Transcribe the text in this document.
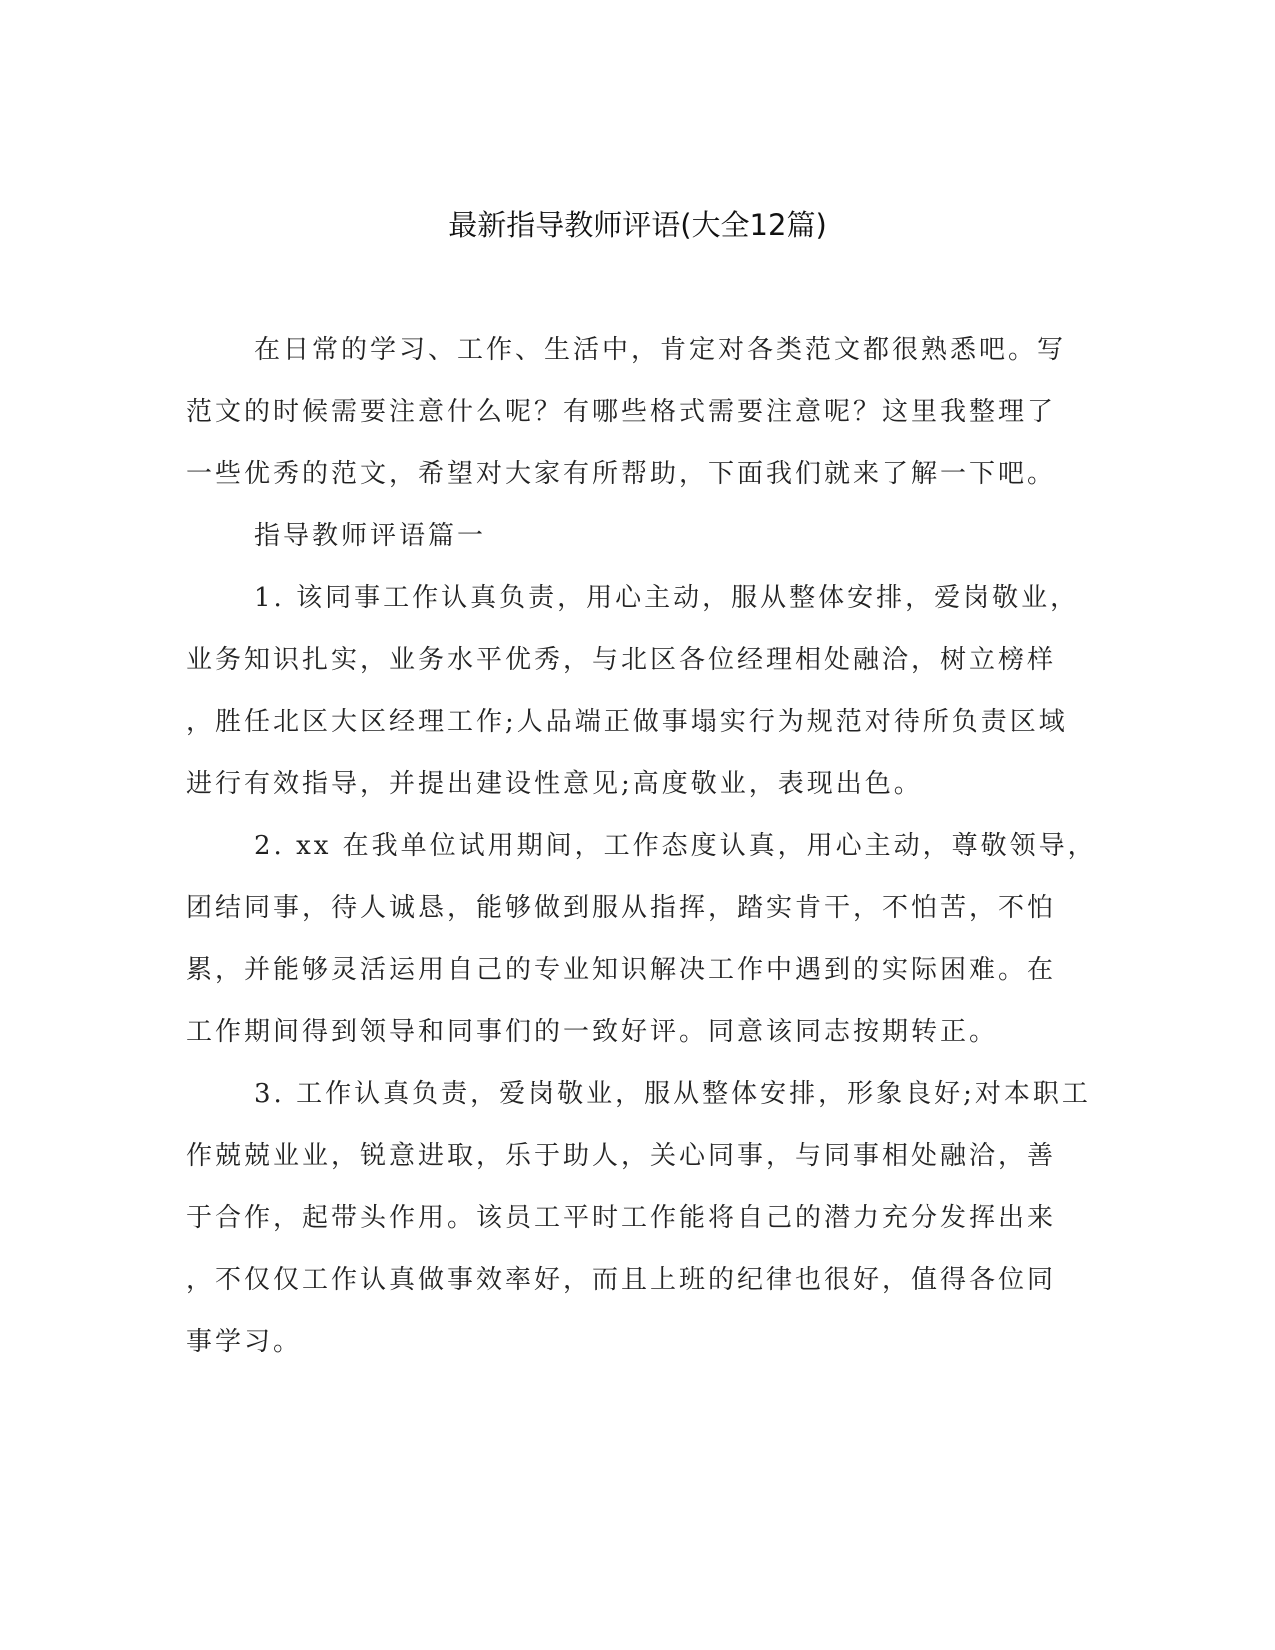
最新指导教师评语(大全12篇)

在日常的学习、工作、生活中，肯定对各类范文都很熟悉吧。写
范文的时候需要注意什么呢？有哪些格式需要注意呢？这里我整理了
一些优秀的范文，希望对大家有所帮助，下面我们就来了解一下吧。

指导教师评语篇一

1. 该同事工作认真负责，用心主动，服从整体安排，爱岗敬业，
业务知识扎实，业务水平优秀，与北区各位经理相处融洽，树立榜样
，胜任北区大区经理工作;人品端正做事塌实行为规范对待所负责区域
进行有效指导，并提出建设性意见;高度敬业，表现出色。

2. xx 在我单位试用期间，工作态度认真，用心主动，尊敬领导，
团结同事，待人诚恳，能够做到服从指挥，踏实肯干，不怕苦，不怕
累，并能够灵活运用自己的专业知识解决工作中遇到的实际困难。在
工作期间得到领导和同事们的一致好评。同意该同志按期转正。

3. 工作认真负责，爱岗敬业，服从整体安排，形象良好;对本职工
作兢兢业业，锐意进取，乐于助人，关心同事，与同事相处融洽，善
于合作，起带头作用。该员工平时工作能将自己的潜力充分发挥出来
，不仅仅工作认真做事效率好，而且上班的纪律也很好，值得各位同
事学习。
